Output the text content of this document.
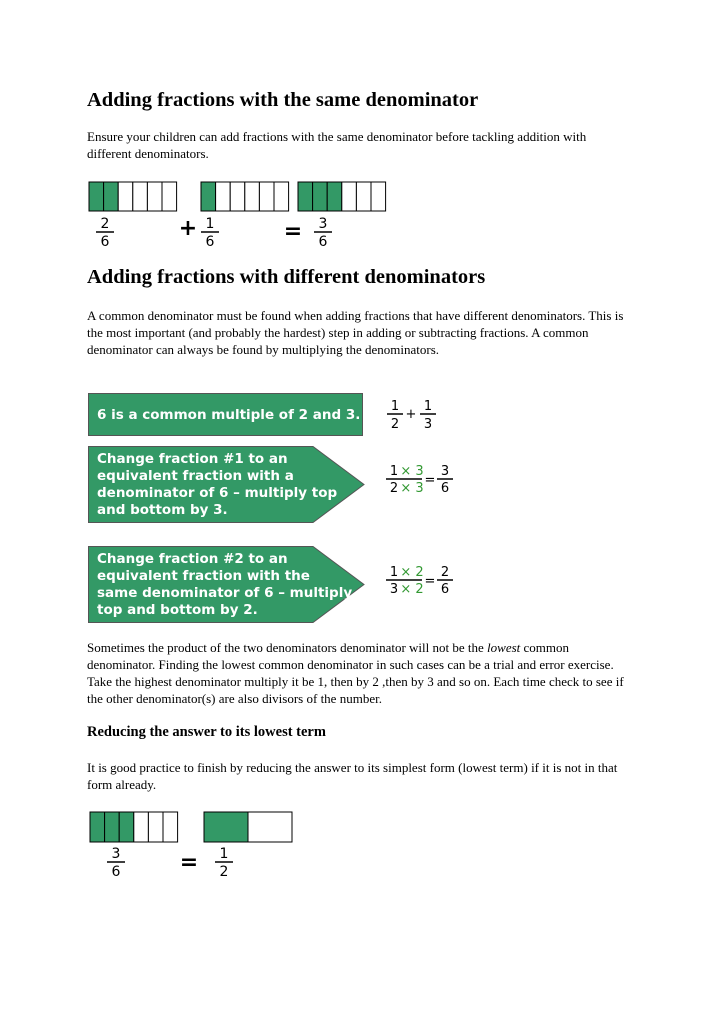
Adding fractions with the same denominator

Ensure your children can add fractions with the same denominator before tackling addition with different denominators.

2
6
+ 1
6	= 3
6
Adding fractions with different denominators

A common denominator must be found when adding fractions that have different denominators. This is the most important (and probably the hardest) step in adding or subtracting fractions. A common denominator can always be found by multiplying the denominators.

6 is a common multiple of 2 and 3.
1
2
+
1
3
Change fraction #1 to an
equivalent fraction with a
denominator of 6 – multiply top
and bottom by 3.
1 × 3
2 × 3
=
3
6
Change fraction #2 to an
equivalent fraction with the
same denominator of 6 – multiply
top and bottom by 2.
1 × 2
3 × 2
=
2
6

Sometimes the product of the two denominators denominator will not be the lowest common denominator. Finding the lowest common denominator in such cases can be a trial and error exercise. Take the highest denominator multiply it be 1, then by 2 ,then by 3 and so on. Each time check to see if the other denominator(s) are also divisors of the number.

Reducing the answer to its lowest term

It is good practice to finish by reducing the answer to its simplest form (lowest term) if it is not in that form already.

3
6	= 1
2
